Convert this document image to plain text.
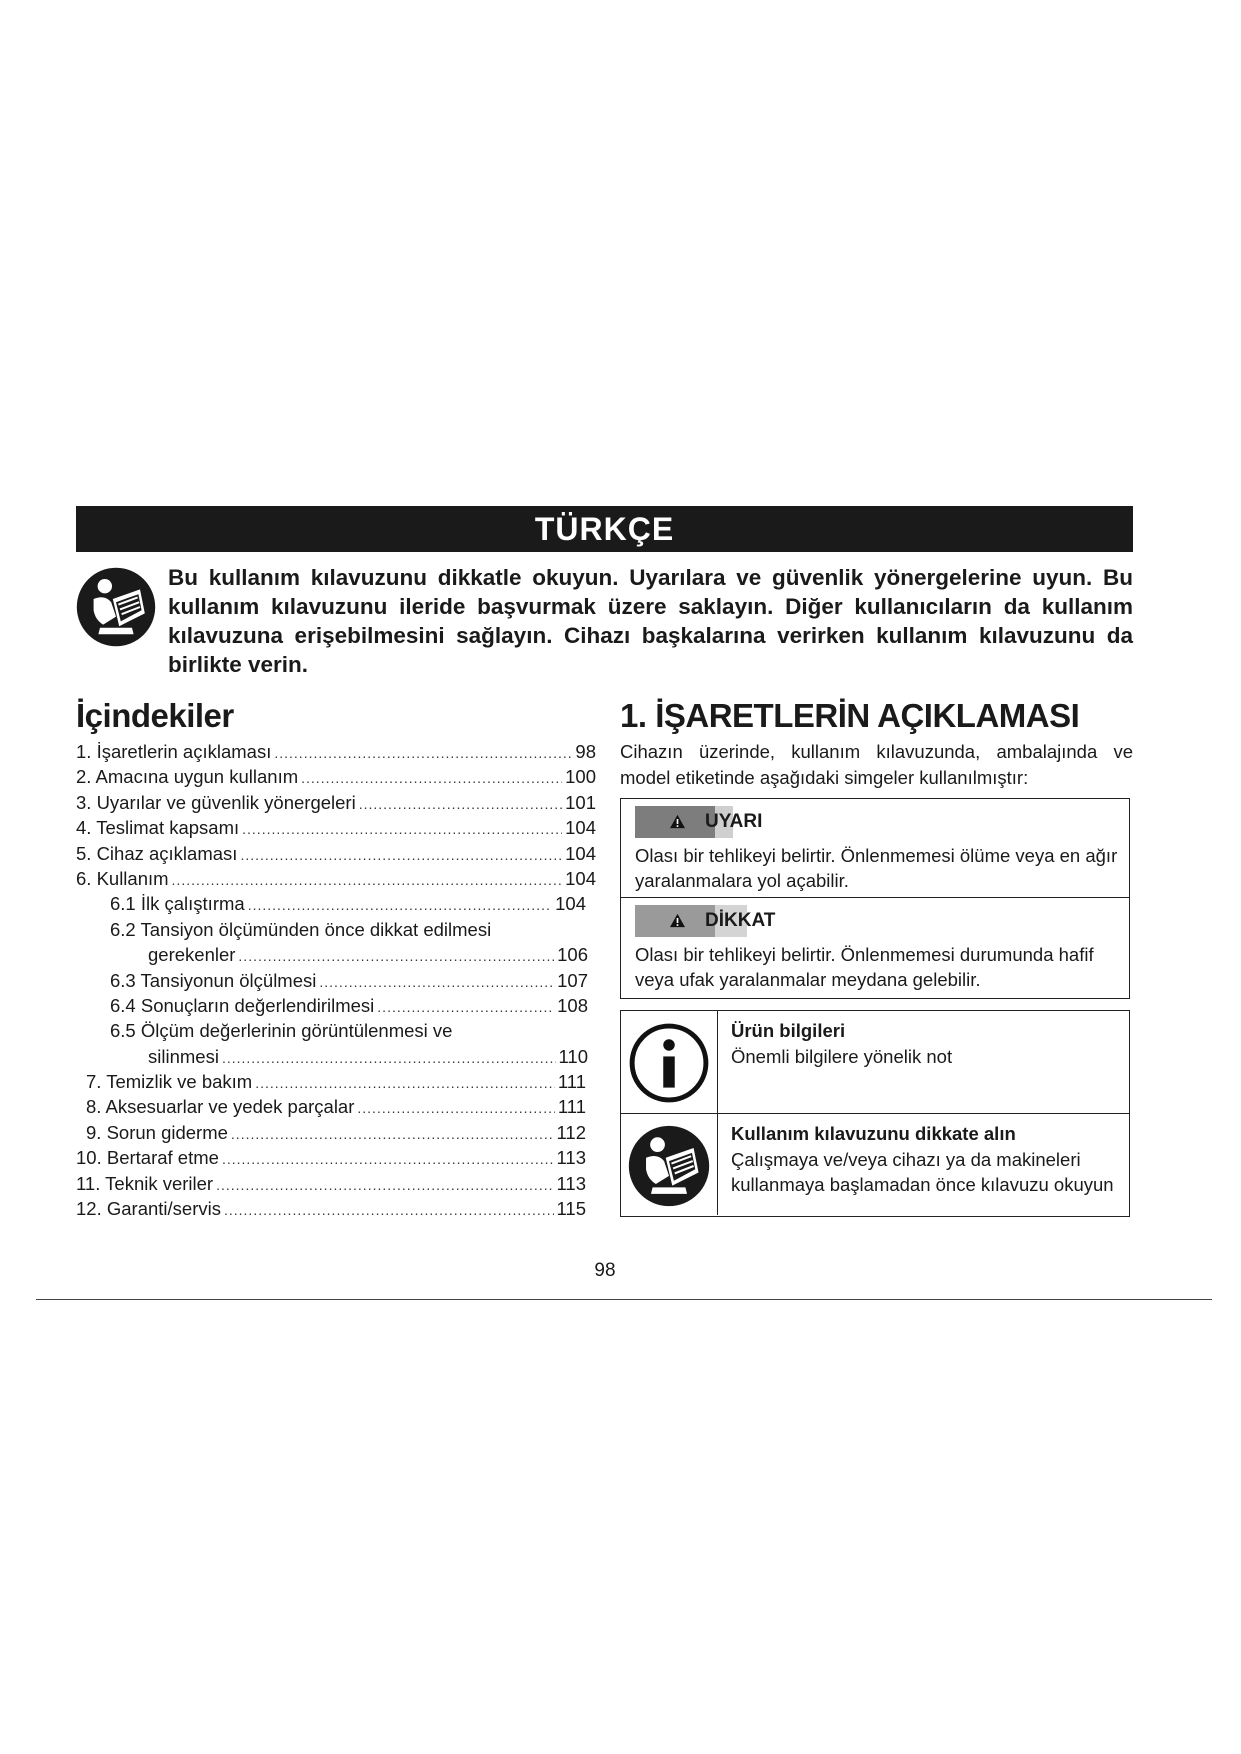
TÜRKÇE

Bu kullanım kılavuzunu dikkatle okuyun. Uyarılara ve güvenlik yönergelerine uyun. Bu kullanım kılavuzunu ileride başvurmak üzere saklayın. Diğer kullanıcıların da kullanım kılavuzuna erişebilmesini sağlayın. Cihazı başkalarına verirken kullanım kılavuzunu da birlikte verin.

İçindekiler
1. İşaretlerin açıklaması .....	98
2. Amacına uygun kullanım .....	100
3. Uyarılar ve güvenlik yönergeleri .....	101
4. Teslimat kapsamı .....	104
5. Cihaz açıklaması .....	104
6. Kullanım .....	104
6.1 İlk çalıştırma .....	104
6.2 Tansiyon ölçümünden önce dikkat edilmesi
gerekenler .....	106
6.3 Tansiyonun ölçülmesi .....	107
6.4 Sonuçların değerlendirilmesi .....	108
6.5 Ölçüm değerlerinin görüntülenmesi ve
silinmesi .....	110
7. Temizlik ve bakım .....	111
8. Aksesuarlar ve yedek parçalar .....	111
9. Sorun giderme .....	112
10. Bertaraf etme .....	113
11. Teknik veriler .....	113
12. Garanti/servis .....	115
1. İŞARETLERİN AÇIKLAMASI

Cihazın üzerinde, kullanım kılavuzunda, ambalajında ve model etiketinde aşağıdaki simgeler kullanılmıştır:

UYARI

Olası bir tehlikeyi belirtir. Önlenmemesi ölüme veya en ağır yaralanmalara yol açabilir.

DİKKAT

Olası bir tehlikeyi belirtir. Önlenmemesi durumunda hafif veya ufak yaralanmalar meydana gelebilir.

Ürün bilgileri
Önemli bilgilere yönelik not
Kullanım kılavuzunu dikkate alın
Çalışmaya ve/veya cihazı ya da makineleri kullanmaya başlamadan önce kılavuzu okuyun
98
